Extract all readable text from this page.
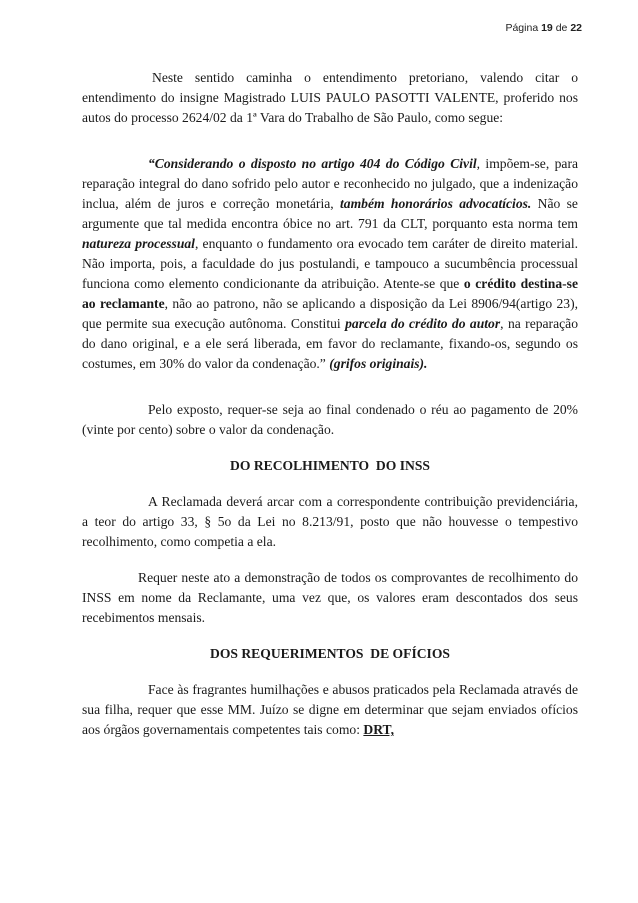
Página 19 de 22

Neste sentido caminha o entendimento pretoriano, valendo citar o entendimento do insigne Magistrado LUIS PAULO PASOTTI VALENTE, proferido nos autos do processo 2624/02 da 1ª Vara do Trabalho de São Paulo, como segue:

“Considerando o disposto no artigo 404 do Código Civil, impõem-se, para reparação integral do dano sofrido pelo autor e reconhecido no julgado, que a indenização inclua, além de juros e correção monetária, também honorários advocatícios. Não se argumente que tal medida encontra óbice no art. 791 da CLT, porquanto esta norma tem natureza processual, enquanto o fundamento ora evocado tem caráter de direito material. Não importa, pois, a faculdade do jus postulandi, e tampouco a sucumbência processual funciona como elemento condicionante da atribuição. Atente-se que o crédito destina-se ao reclamante, não ao patrono, não se aplicando a disposição da Lei 8906/94(artigo 23), que permite sua execução autônoma. Constitui parcela do crédito do autor, na reparação do dano original, e a ele será liberada, em favor do reclamante, fixando-os, segundo os costumes, em 30% do valor da condenação.” (grifos originais).

Pelo exposto, requer-se seja ao final condenado o réu ao pagamento de 20% (vinte por cento) sobre o valor da condenação.

DO RECOLHIMENTO  DO INSS

A Reclamada deverá arcar com a correspondente contribuição previdenciária, a teor do artigo 33, § 5o da Lei no 8.213/91, posto que não houvesse o tempestivo recolhimento, como competia a ela.

Requer neste ato a demonstração de todos os comprovantes de recolhimento do INSS em nome da Reclamante, uma vez que, os valores eram descontados dos seus recebimentos mensais.

DOS REQUERIMENTOS  DE OFÍCIOS

Face às fragrantes humilhações e abusos praticados pela Reclamada através de sua filha, requer que esse MM. Juízo se digne em determinar que sejam enviados ofícios aos órgãos governamentais competentes tais como: DRT,
